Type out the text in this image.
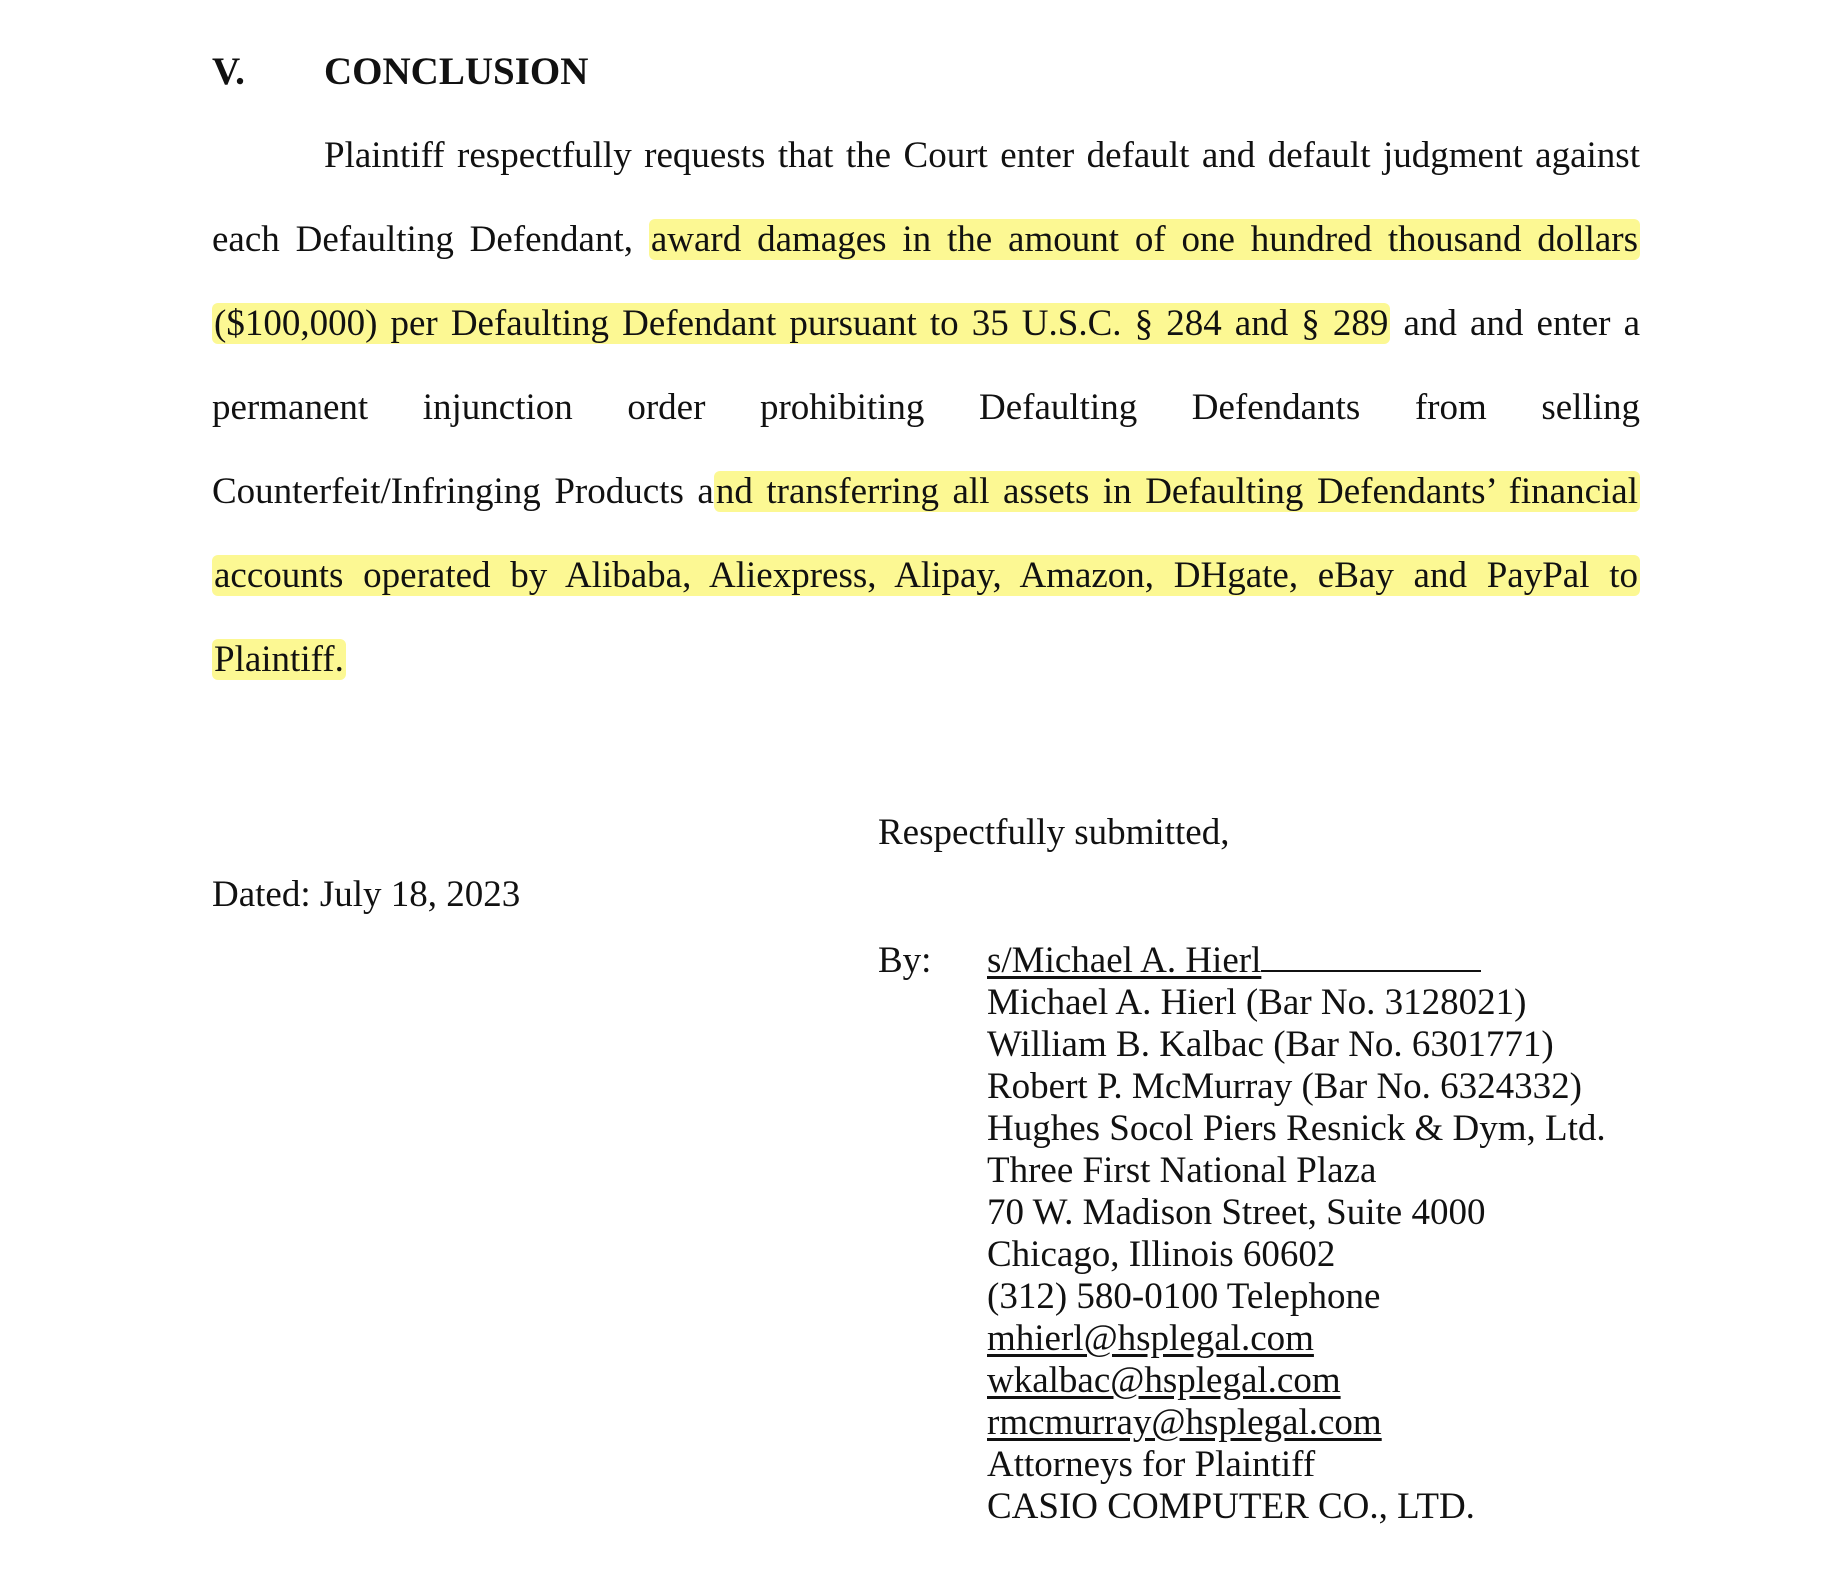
V. CONCLUSION
Plaintiff respectfully requests that the Court enter default and default judgment against
each Defaulting Defendant, award damages in the amount of one hundred thousand dollars
($100,000) per Defaulting Defendant pursuant to 35 U.S.C. § 284 and § 289 and and enter a
permanent injunction order prohibiting Defaulting Defendants from selling
Counterfeit/Infringing Products and transferring all assets in Defaulting Defendants’ financial
accounts operated by Alibaba, Aliexpress, Alipay, Amazon, DHgate, eBay and PayPal to
Plaintiff.
Respectfully submitted,
Dated: July 18, 2023
By: s/Michael A. Hierl
Michael A. Hierl (Bar No. 3128021)
William B. Kalbac (Bar No. 6301771)
Robert P. McMurray (Bar No. 6324332)
Hughes Socol Piers Resnick & Dym, Ltd.
Three First National Plaza
70 W. Madison Street, Suite 4000
Chicago, Illinois 60602
(312) 580-0100 Telephone
mhierl@hsplegal.com
wkalbac@hsplegal.com
rmcmurray@hsplegal.com
Attorneys for Plaintiff
CASIO COMPUTER CO., LTD.
